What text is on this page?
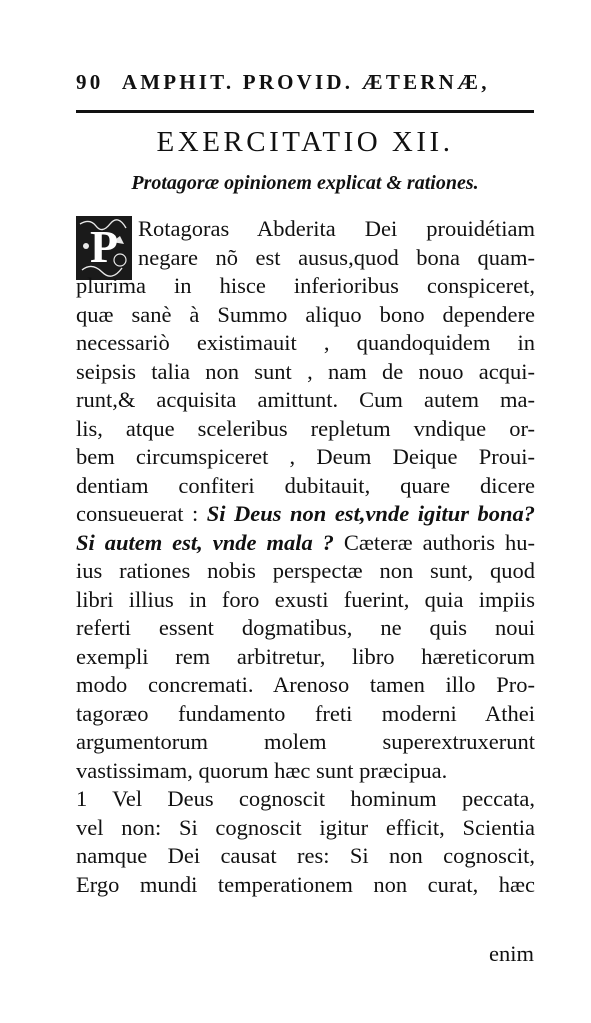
90 AMPHIT. PROVID. ÆTERNÆ,
EXERCITATIO XII.
Protagoræ opinionem explicat & rationes.
P Rotagoras Abderita Dei prouidétiam
negare nõ est ausus,quod bona quam-
plurima in hisce inferioribus conspiceret,
quæ sanè à Summo aliquo bono dependere
necessariò existimauit , quandoquidem in
seipsis talia non sunt , nam de nouo acqui-
runt,& acquisita amittunt. Cum autem ma-
lis, atque sceleribus repletum vndique or-
bem circumspiceret , Deum Deique Proui-
dentiam confiteri dubitauit, quare dicere
consueuerat : Si Deus non est,vnde igitur bona?
Si autem est, vnde mala ? Cæteræ authoris hu-
ius rationes nobis perspectæ non sunt, quod
libri illius in foro exusti fuerint, quia impiis
referti essent dogmatibus, ne quis noui
exempli rem arbitretur, libro hæreticorum
modo concremati. Arenoso tamen illo Pro-
tagoræo fundamento freti moderni Athei
argumentorum molem superextruxerunt
vastissimam, quorum hæc sunt præcipua.
1 Vel Deus cognoscit hominum peccata,
vel non: Si cognoscit igitur efficit, Scientia
namque Dei causat res: Si non cognoscit,
Ergo mundi temperationem non curat, hæc
enim
